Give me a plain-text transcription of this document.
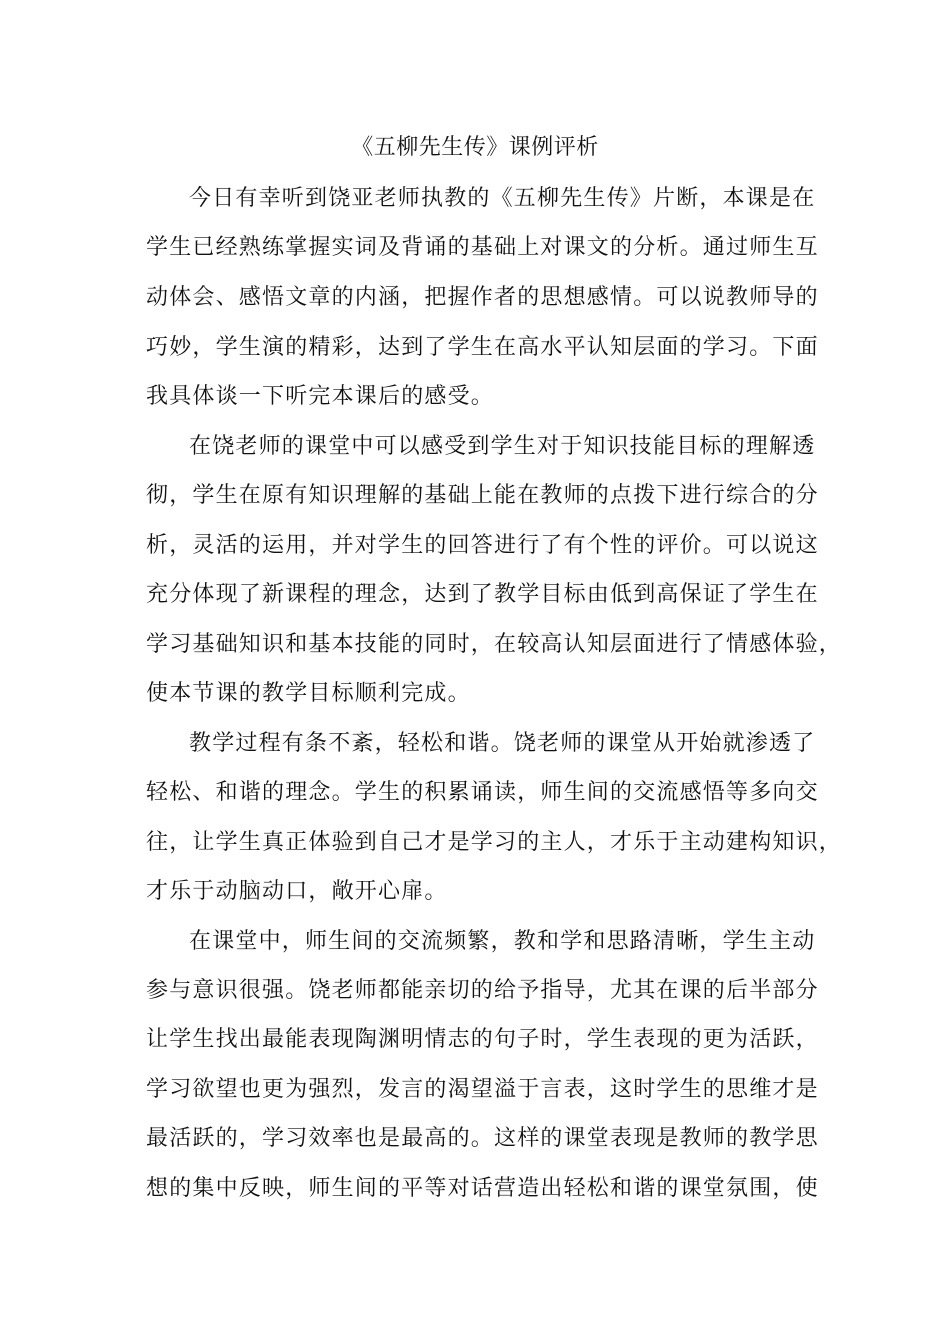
《五柳先生传》课例评析
今日有幸听到饶亚老师执教的《五柳先生传》片断，本课是在
学生已经熟练掌握实词及背诵的基础上对课文的分析。通过师生互
动体会、感悟文章的内涵，把握作者的思想感情。可以说教师导的
巧妙，学生演的精彩，达到了学生在高水平认知层面的学习。下面
我具体谈一下听完本课后的感受。
在饶老师的课堂中可以感受到学生对于知识技能目标的理解透
彻，学生在原有知识理解的基础上能在教师的点拨下进行综合的分
析，灵活的运用，并对学生的回答进行了有个性的评价。可以说这
充分体现了新课程的理念，达到了教学目标由低到高保证了学生在
学习基础知识和基本技能的同时，在较高认知层面进行了情感体验，
使本节课的教学目标顺利完成。
教学过程有条不紊，轻松和谐。饶老师的课堂从开始就渗透了
轻松、和谐的理念。学生的积累诵读，师生间的交流感悟等多向交
往，让学生真正体验到自己才是学习的主人，才乐于主动建构知识，
才乐于动脑动口，敞开心扉。
在课堂中，师生间的交流频繁，教和学和思路清晰，学生主动
参与意识很强。饶老师都能亲切的给予指导，尤其在课的后半部分
让学生找出最能表现陶渊明情志的句子时，学生表现的更为活跃，
学习欲望也更为强烈，发言的渴望溢于言表，这时学生的思维才是
最活跃的，学习效率也是最高的。这样的课堂表现是教师的教学思
想的集中反映，师生间的平等对话营造出轻松和谐的课堂氛围，使
